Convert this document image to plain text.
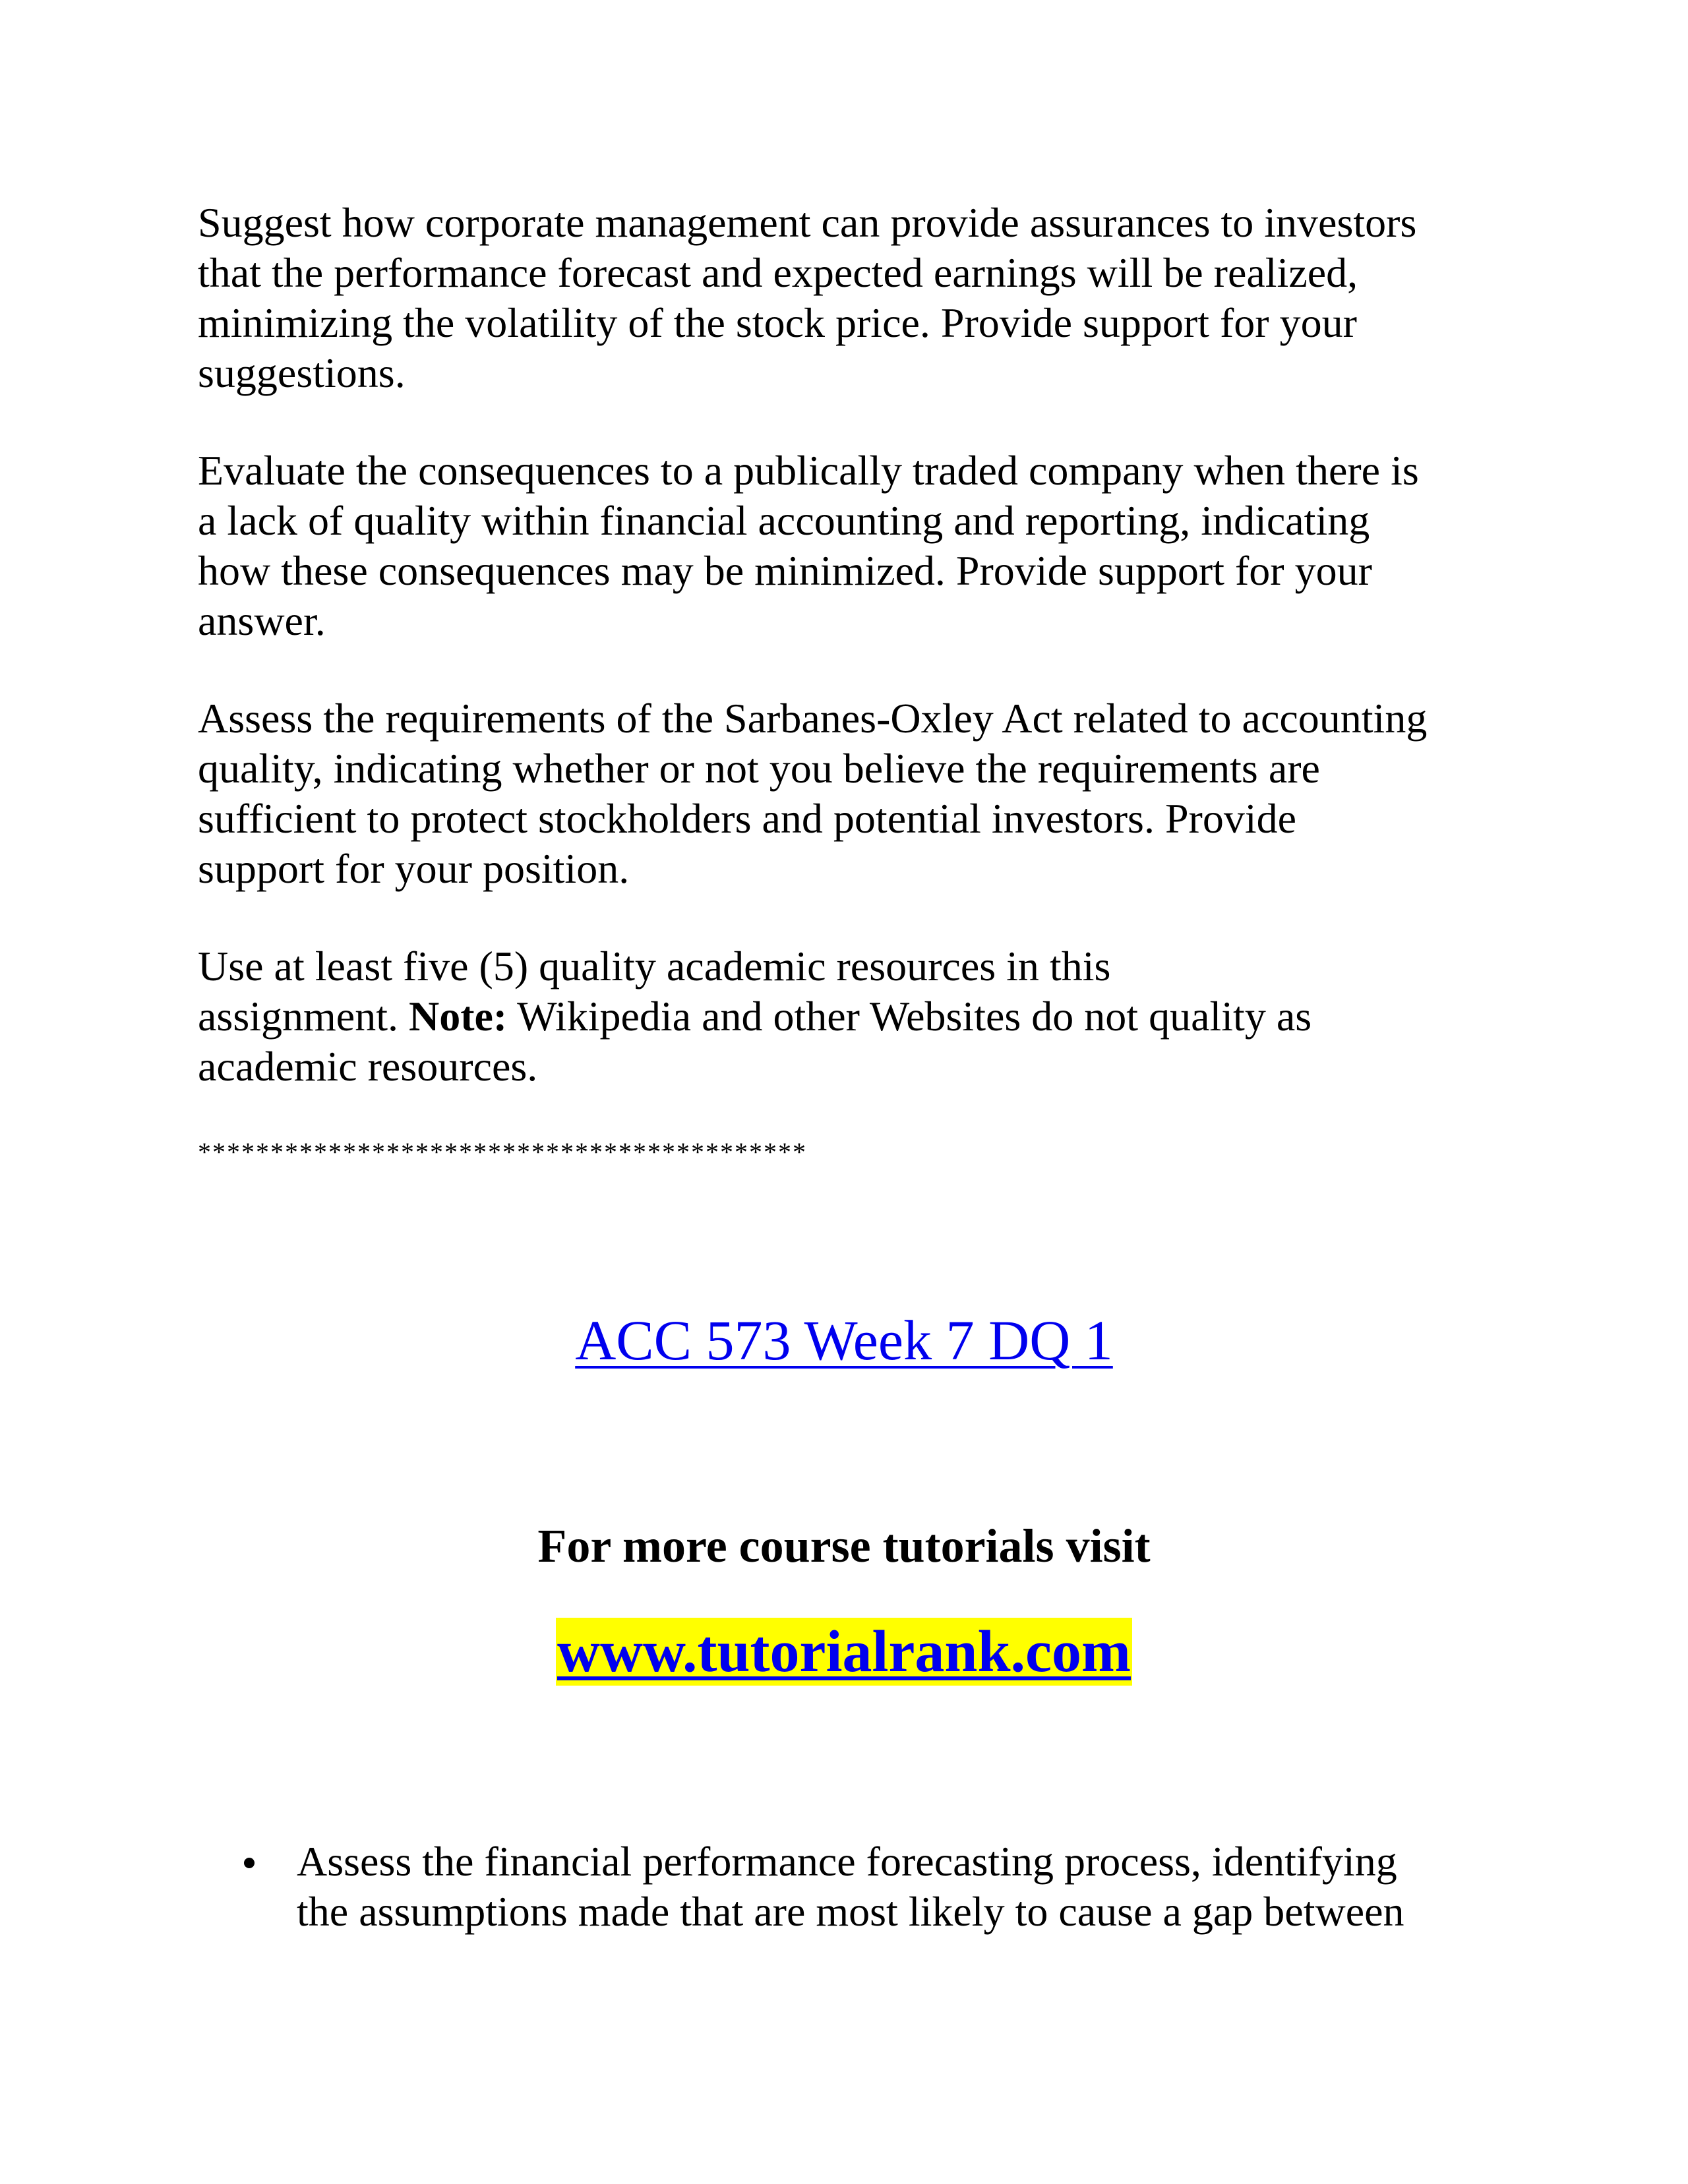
Suggest how corporate management can provide assurances to investors
that the performance forecast and expected earnings will be realized,
minimizing the volatility of the stock price. Provide support for your
suggestions.

Evaluate the consequences to a publically traded company when there is
a lack of quality within financial accounting and reporting, indicating
how these consequences may be minimized. Provide support for your
answer.

Assess the requirements of the Sarbanes-Oxley Act related to accounting
quality, indicating whether or not you believe the requirements are
sufficient to protect stockholders and potential investors. Provide
support for your position.

Use at least five (5) quality academic resources in this
assignment. Note: Wikipedia and other Websites do not quality as
academic resources.

******************************************
ACC 573 Week 7 DQ 1
For more course tutorials visit
www.tutorialrank.com
Assess the financial performance forecasting process, identifying
the assumptions made that are most likely to cause a gap between
